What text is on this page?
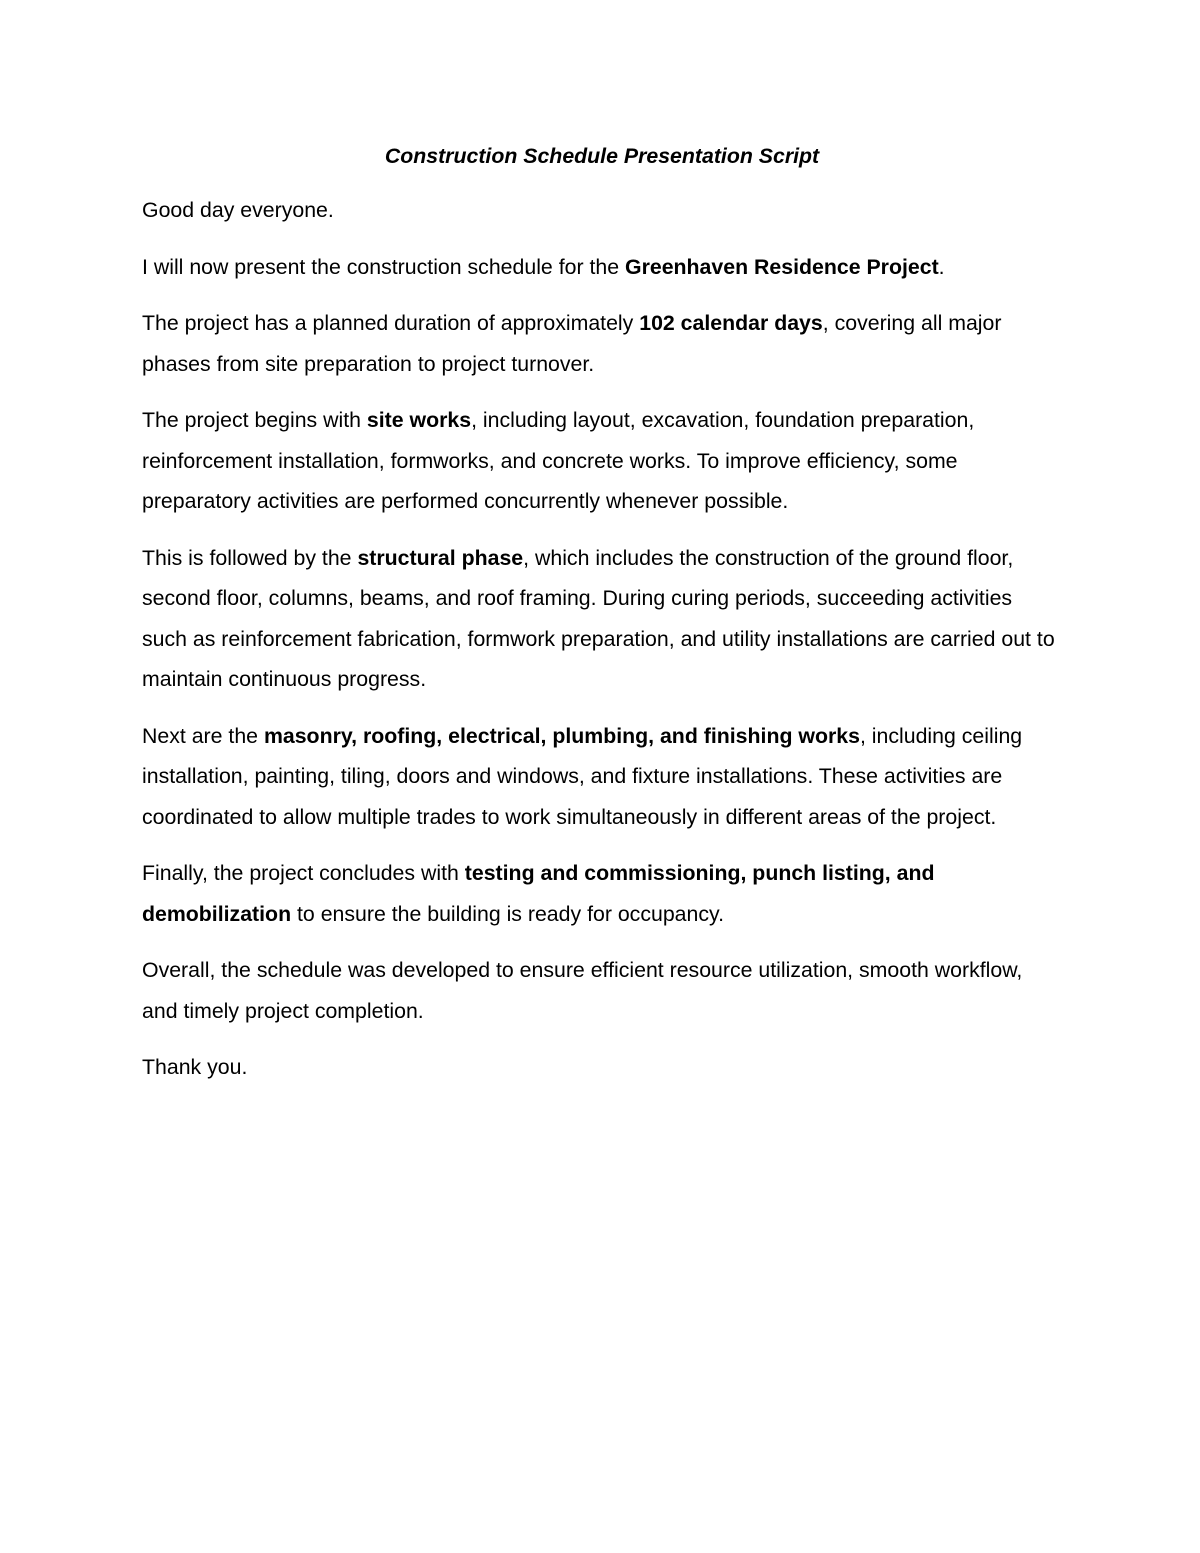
Construction Schedule Presentation Script

Good day everyone.

I will now present the construction schedule for the Greenhaven Residence Project.

The project has a planned duration of approximately 102 calendar days, covering all major phases from site preparation to project turnover.

The project begins with site works, including layout, excavation, foundation preparation, reinforcement installation, formworks, and concrete works. To improve efficiency, some preparatory activities are performed concurrently whenever possible.

This is followed by the structural phase, which includes the construction of the ground floor, second floor, columns, beams, and roof framing. During curing periods, succeeding activities such as reinforcement fabrication, formwork preparation, and utility installations are carried out to maintain continuous progress.

Next are the masonry, roofing, electrical, plumbing, and finishing works, including ceiling installation, painting, tiling, doors and windows, and fixture installations. These activities are coordinated to allow multiple trades to work simultaneously in different areas of the project.

Finally, the project concludes with testing and commissioning, punch listing, and demobilization to ensure the building is ready for occupancy.

Overall, the schedule was developed to ensure efficient resource utilization, smooth workflow, and timely project completion.

Thank you.
